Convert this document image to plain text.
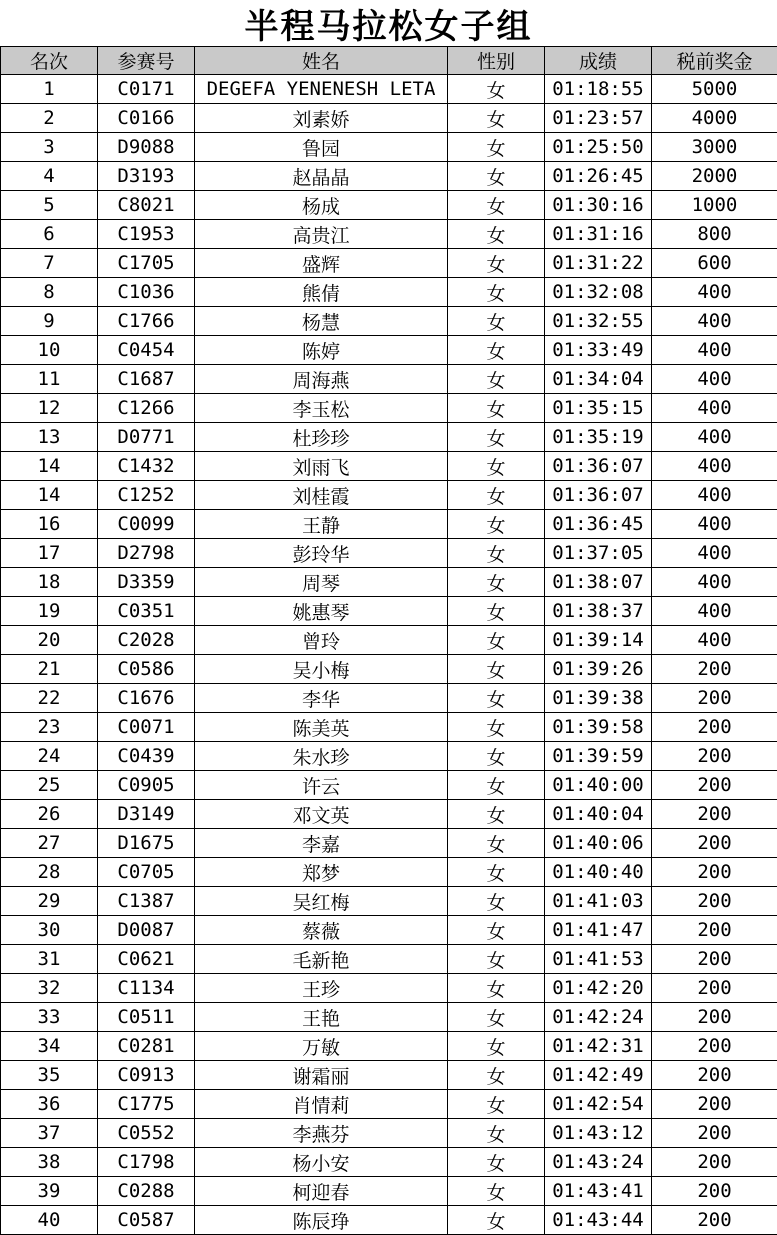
半程马拉松女子组
名次	参赛号	姓名	性别	成绩	税前奖金
1	C0171	DEGEFA YENENESH LETA	女	01:18:55	5000
2	C0166	刘素娇	女	01:23:57	4000
3	D9088	鲁园	女	01:25:50	3000
4	D3193	赵晶晶	女	01:26:45	2000
5	C8021	杨成	女	01:30:16	1000
6	C1953	高贵江	女	01:31:16	800
7	C1705	盛辉	女	01:31:22	600
8	C1036	熊倩	女	01:32:08	400
9	C1766	杨慧	女	01:32:55	400
10	C0454	陈婷	女	01:33:49	400
11	C1687	周海燕	女	01:34:04	400
12	C1266	李玉松	女	01:35:15	400
13	D0771	杜珍珍	女	01:35:19	400
14	C1432	刘雨飞	女	01:36:07	400
14	C1252	刘桂霞	女	01:36:07	400
16	C0099	王静	女	01:36:45	400
17	D2798	彭玲华	女	01:37:05	400
18	D3359	周琴	女	01:38:07	400
19	C0351	姚惠琴	女	01:38:37	400
20	C2028	曾玲	女	01:39:14	400
21	C0586	吴小梅	女	01:39:26	200
22	C1676	李华	女	01:39:38	200
23	C0071	陈美英	女	01:39:58	200
24	C0439	朱水珍	女	01:39:59	200
25	C0905	许云	女	01:40:00	200
26	D3149	邓文英	女	01:40:04	200
27	D1675	李嘉	女	01:40:06	200
28	C0705	郑梦	女	01:40:40	200
29	C1387	吴红梅	女	01:41:03	200
30	D0087	蔡薇	女	01:41:47	200
31	C0621	毛新艳	女	01:41:53	200
32	C1134	王珍	女	01:42:20	200
33	C0511	王艳	女	01:42:24	200
34	C0281	万敏	女	01:42:31	200
35	C0913	谢霜丽	女	01:42:49	200
36	C1775	肖情莉	女	01:42:54	200
37	C0552	李燕芬	女	01:43:12	200
38	C1798	杨小安	女	01:43:24	200
39	C0288	柯迎春	女	01:43:41	200
40	C0587	陈辰琤	女	01:43:44	200
